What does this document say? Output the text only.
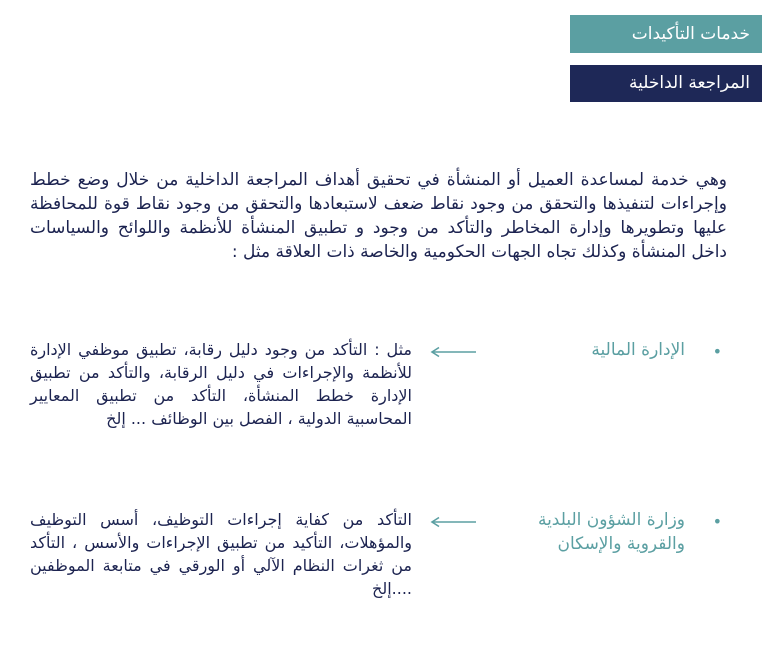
خدمات التأكيدات
المراجعة الداخلية

وهي خدمة لمساعدة العميل أو المنشأة في تحقيق أهداف المراجعة الداخلية من خلال وضع خطط وإجراءات لتنفيذها والتحقق من وجود نقاط ضعف لاستبعادها والتحقق من وجود نقاط قوة للمحافظة عليها وتطويرها وإدارة المخاطر والتأكد من وجود و تطبيق المنشأة للأنظمة واللوائح والسياسات داخل المنشأة وكذلك تجاه الجهات الحكومية والخاصة ذات العلاقة مثل :

•

الإدارة المالية

مثل : التأكد من وجود دليل رقابة، تطبيق موظفي الإدارة للأنظمة والإجراءات في دليل الرقابة، والتأكد من تطبيق الإدارة خطط المنشأة، التأكد من تطبيق المعايير المحاسبية الدولية ، الفصل بين الوظائف ... إلخ

•

وزارة الشؤون البلدية والقروية والإسكان

التأكد من كفاية إجراءات التوظيف، أسس التوظيف والمؤهلات، التأكيد من تطبيق الإجراءات والأسس ، التأكد من ثغرات النظام الآلي أو الورقي في متابعة الموظفين ....إلخ
